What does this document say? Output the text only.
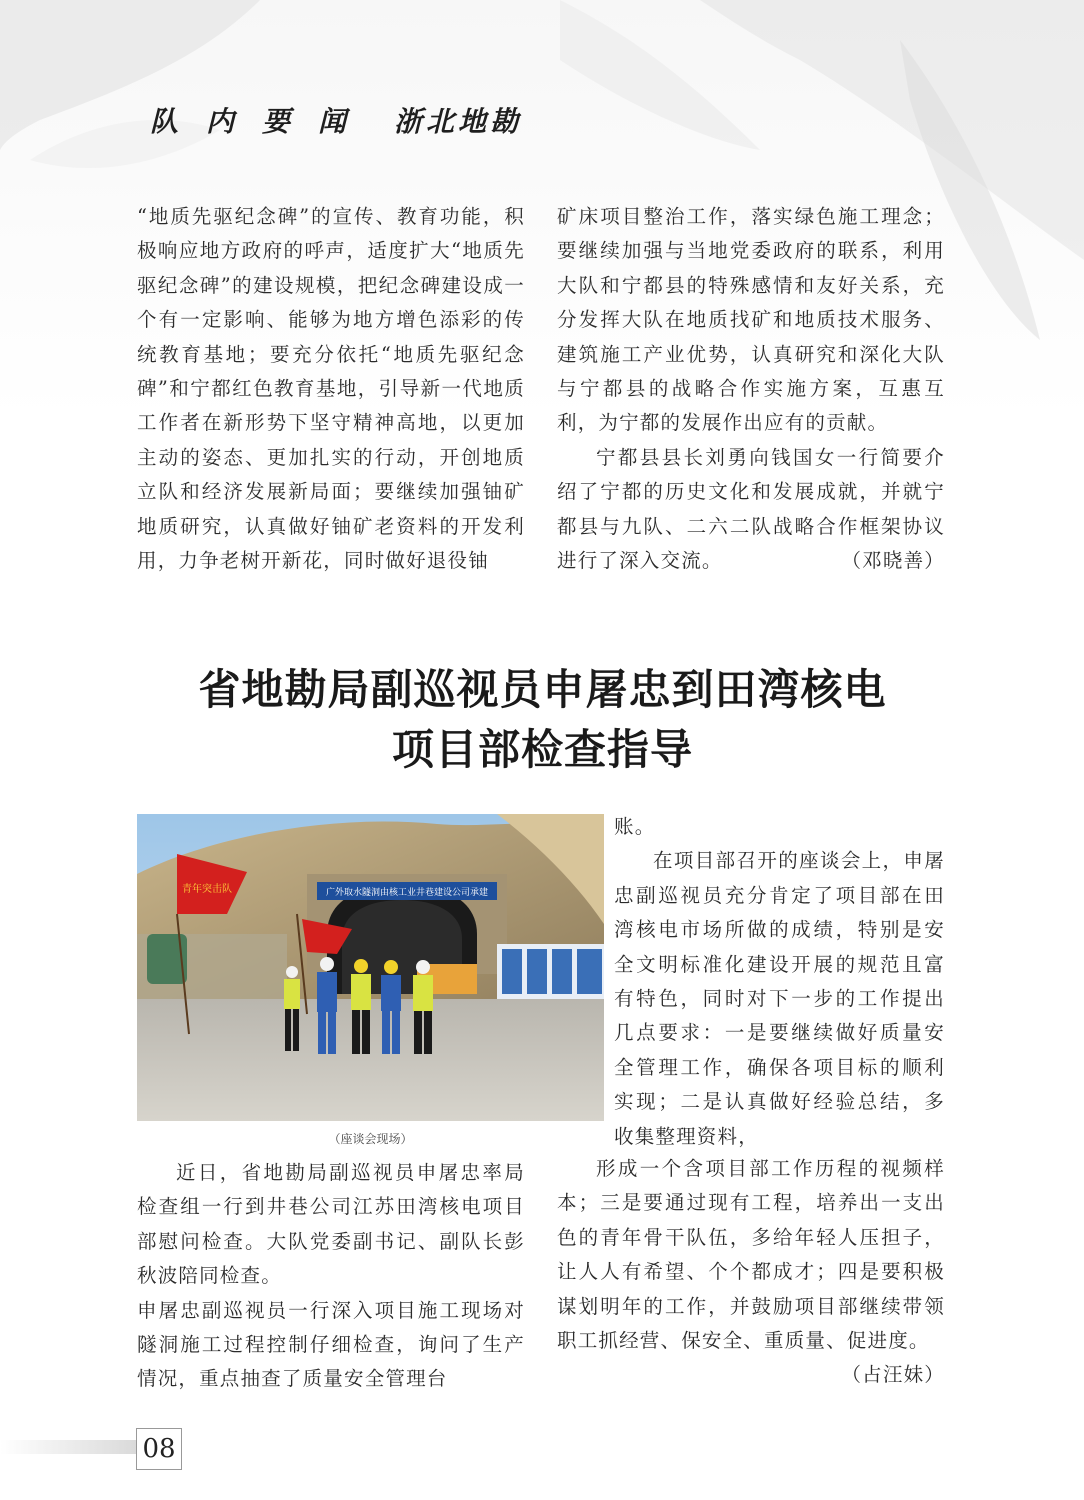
队内要闻 浙北地勘

“地质先驱纪念碑”的宣传、教育功能，积极响应地方政府的呼声，适度扩大“地质先驱纪念碑”的建设规模，把纪念碑建设成一个有一定影响、能够为地方增色添彩的传统教育基地；要充分依托“地质先驱纪念碑”和宁都红色教育基地，引导新一代地质工作者在新形势下坚守精神高地，以更加主动的姿态、更加扎实的行动，开创地质立队和经济发展新局面；要继续加强铀矿地质研究，认真做好铀矿老资料的开发利用，力争老树开新花，同时做好退役铀

矿床项目整治工作，落实绿色施工理念；要继续加强与当地党委政府的联系，利用大队和宁都县的特殊感情和友好关系，充分发挥大队在地质找矿和地质技术服务、建筑施工产业优势，认真研究和深化大队与宁都县的战略合作实施方案，互惠互利，为宁都的发展作出应有的贡献。

宁都县县长刘勇向钱国女一行简要介绍了宁都的历史文化和发展成就，并就宁都县与九队、二六二队战略合作框架协议进行了深入交流。	（邓晓善）

省地勘局副巡视员申屠忠到田湾核电
项目部检查指导
广外取水隧洞由核工业井巷建设公司承建
青年突击队
（座谈会现场）

账。

在项目部召开的座谈会上，申屠忠副巡视员充分肯定了项目部在田湾核电市场所做的成绩，特别是安全文明标准化建设开展的规范且富有特色，同时对下一步的工作提出几点要求：一是要继续做好质量安全管理工作，确保各项目标的顺利实现；二是认真做好经验总结，多收集整理资料，

近日，省地勘局副巡视员申屠忠率局检查组一行到井巷公司江苏田湾核电项目部慰问检查。大队党委副书记、副队长彭秋波陪同检查。

申屠忠副巡视员一行深入项目施工现场对隧洞施工过程控制仔细检查，询问了生产情况，重点抽查了质量安全管理台

形成一个含项目部工作历程的视频样本；三是要通过现有工程，培养出一支出色的青年骨干队伍，多给年轻人压担子，让人人有希望、个个都成才；四是要积极谋划明年的工作，并鼓励项目部继续带领职工抓经营、保安全、重质量、促进度。
（占汪妹）

08
